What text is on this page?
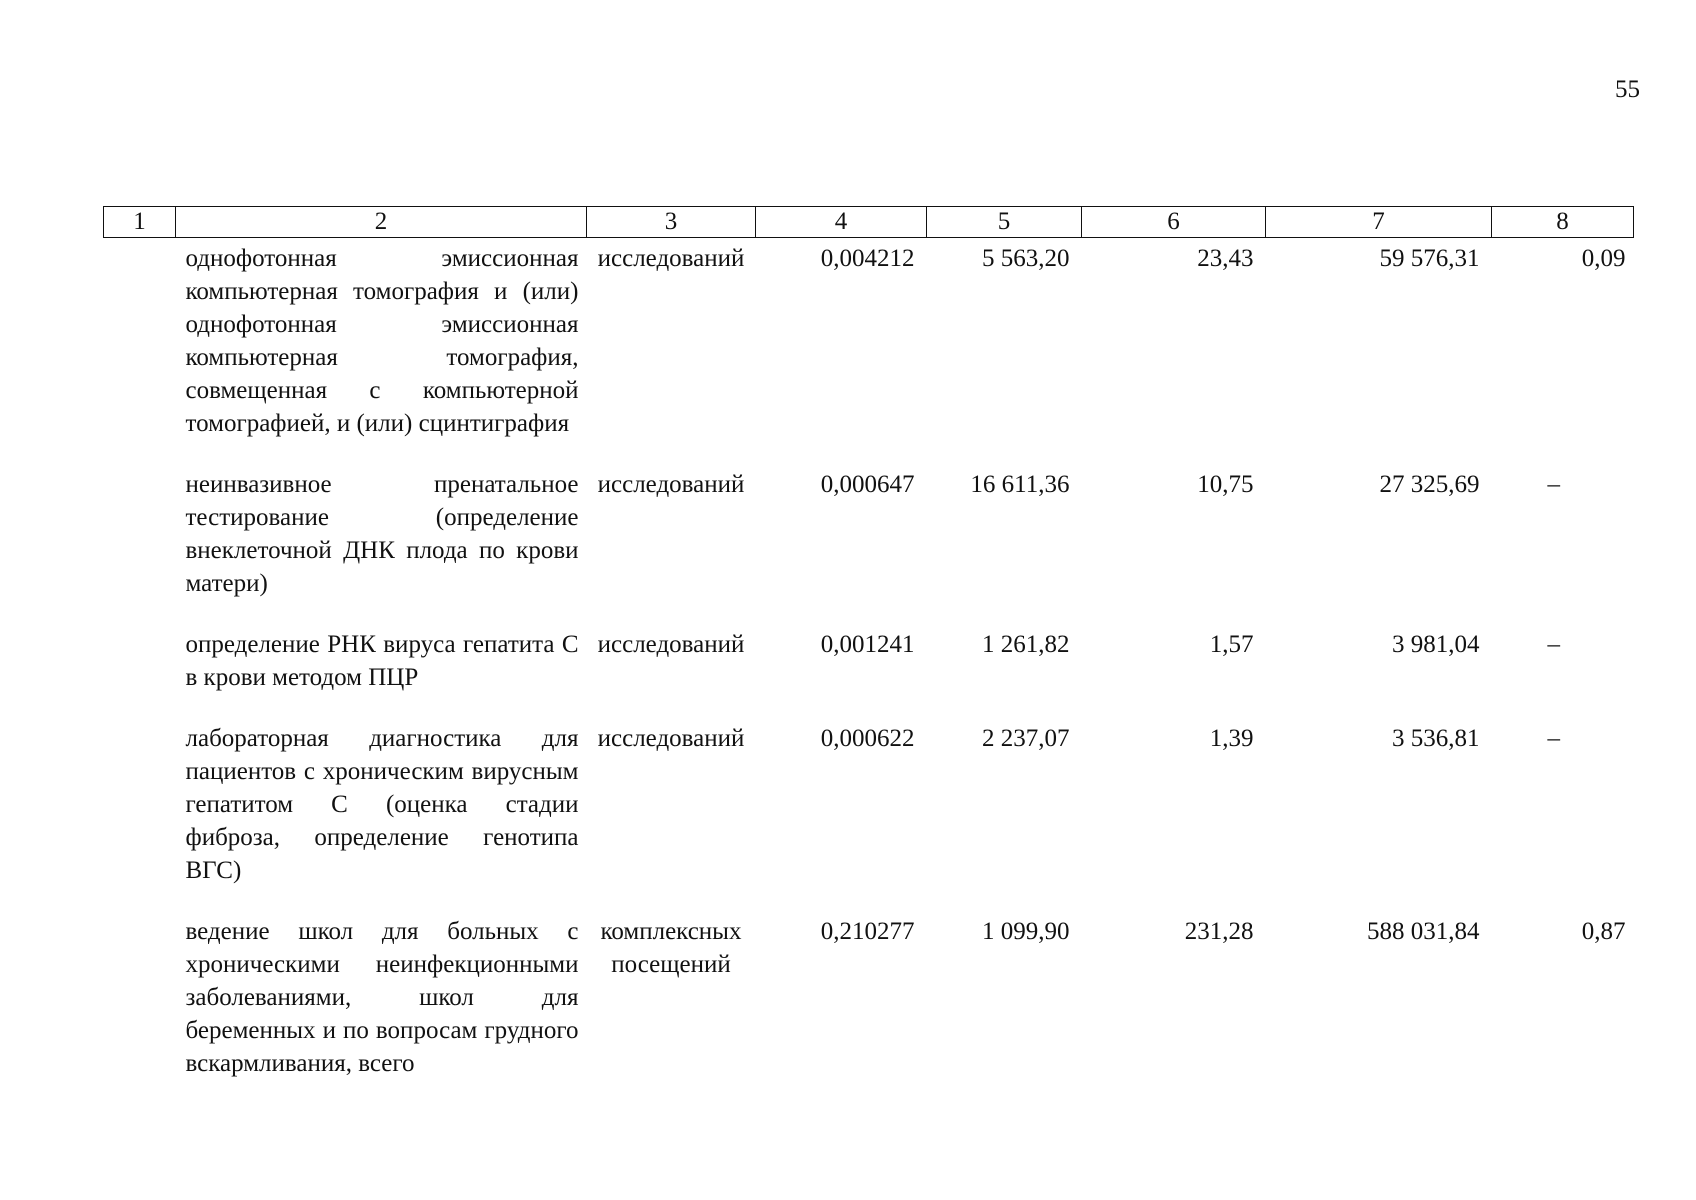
55
1	2	3	4	5	6	7	8
однофотонная эмиссионная компьютерная томография и (или) однофотонная эмиссионная компьютерная томография, совмещенная с компьютерной томографией, и (или) сцинтиграфия		исследований	0,004212	5 563,20	23,43	59 576,31	0,09
неинвазивное пренатальное тестирование (определение внеклеточной ДНК плода по крови матери)		исследований	0,000647	16 611,36	10,75	27 325,69	–
определение РНК вируса гепатита С в крови методом ПЦР		исследований	0,001241	1 261,82	1,57	3 981,04	–
лабораторная диагностика для пациентов с хроническим вирусным гепатитом С (оценка стадии фиброза, определение генотипа ВГС)		исследований	0,000622	2 237,07	1,39	3 536,81	–
ведение школ для больных с хроническими неинфекционными заболеваниями, школ для беременных и по вопросам грудного вскармливания, всего		комплексных посещений	0,210277	1 099,90	231,28	588 031,84	0,87
